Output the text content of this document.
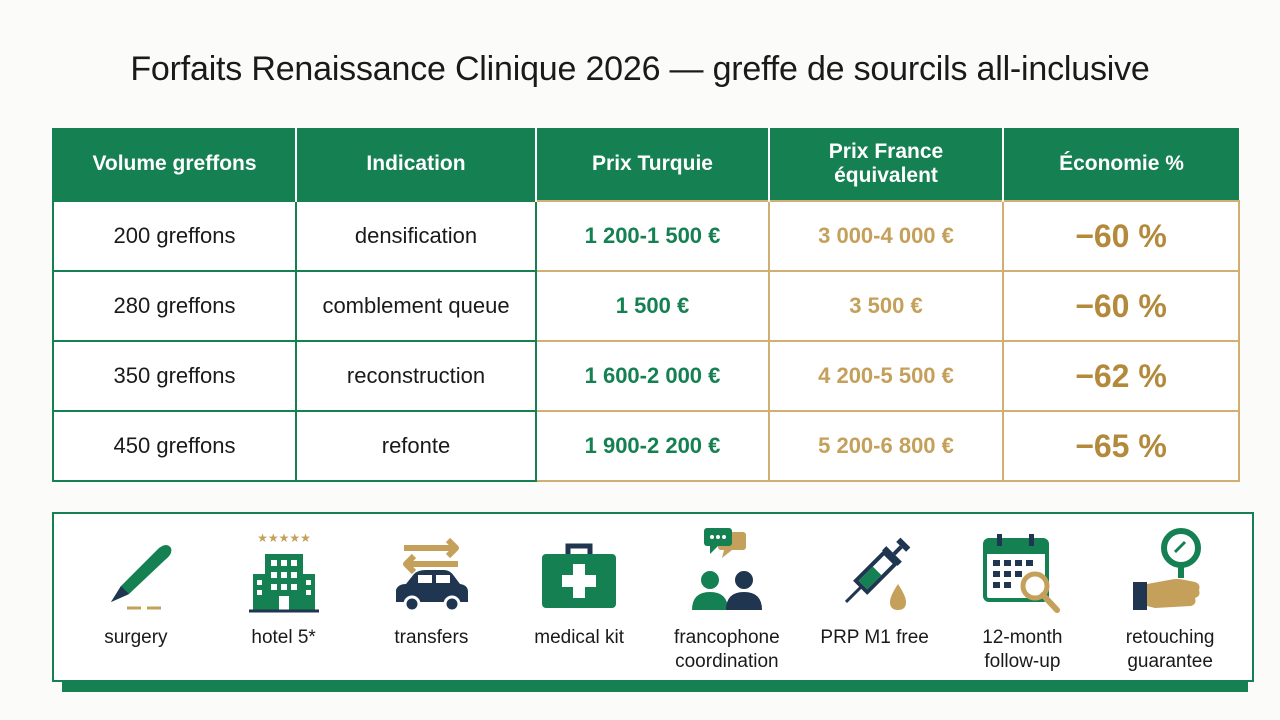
Forfaits Renaissance Clinique 2026 — greffe de sourcils all-inclusive
Volume greffons	Indication	Prix Turquie	Prix France équivalent	Économie %
200 greffons	densification	1 200-1 500 €	3 000-4 000 €	−60 %
280 greffons	comblement queue	1 500 €	3 500 €	−60 %
350 greffons	reconstruction	1 600-2 000 €	4 200-5 500 €	−62 %
450 greffons	refonte	1 900-2 200 €	5 200-6 800 €	−65 %
surgery
★★★★★
hotel 5*	transfers	medical kit	francophone coordination
PRP M1 free	12-month follow-up
retouching guarantee
